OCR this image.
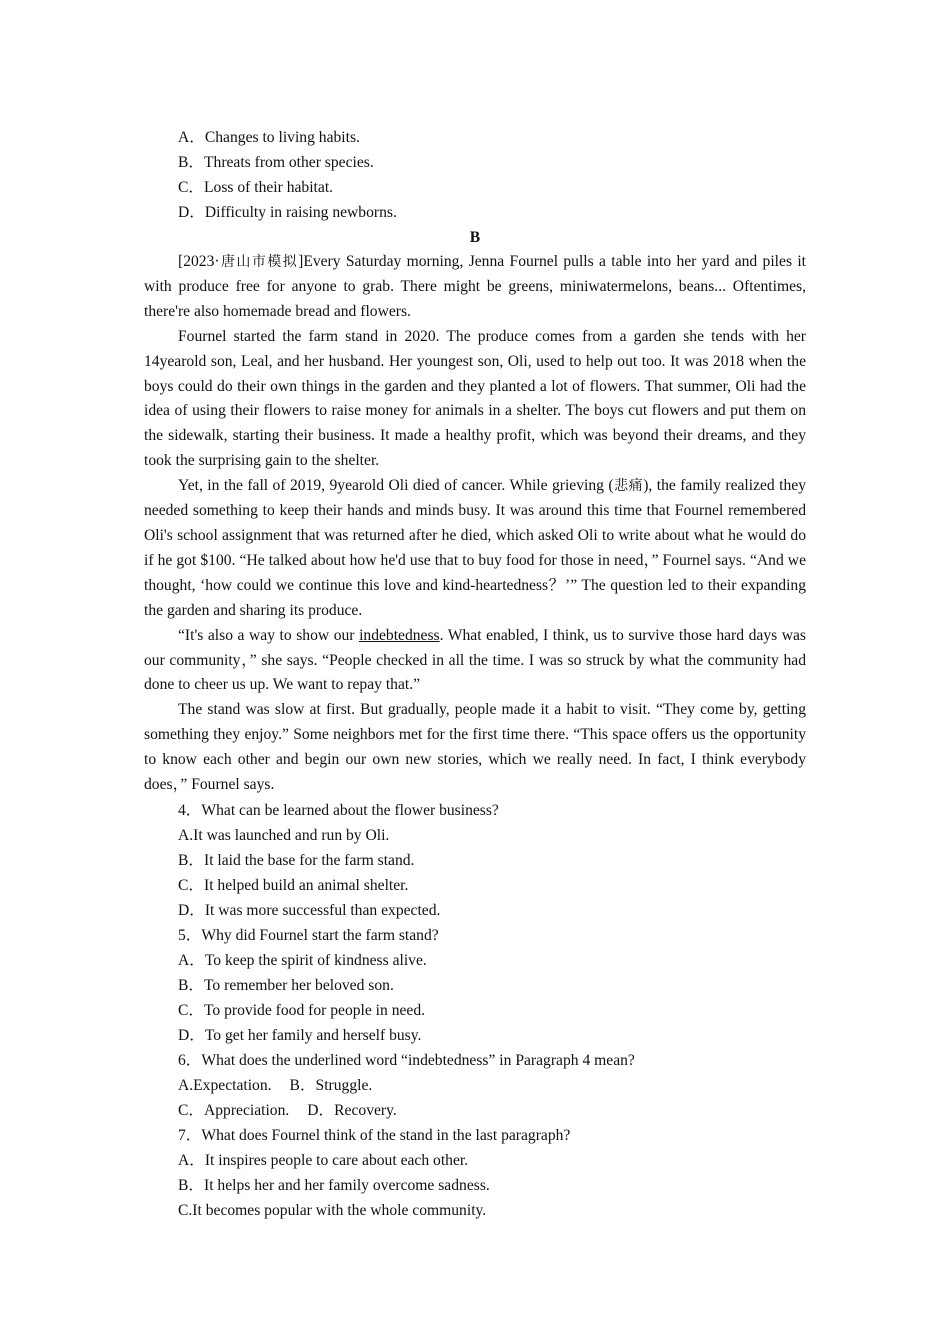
A．Changes to living habits.
B．Threats from other species.
C．Loss of their habitat.
D．Difficulty in raising newborns.
B

[2023·唐山市模拟]Every Saturday morning, Jenna Fournel pulls a table into her yard and piles it with produce free for anyone to grab. There might be greens, miniwatermelons, beans... Oftentimes, there're also homemade bread and flowers.

Fournel started the farm stand in 2020. The produce comes from a garden she tends with her 14yearold son, Leal, and her husband. Her youngest son, Oli, used to help out too. It was 2018 when the boys could do their own things in the garden and they planted a lot of flowers. That summer, Oli had the idea of using their flowers to raise money for animals in a shelter. The boys cut flowers and put them on the sidewalk, starting their business. It made a healthy profit, which was beyond their dreams, and they took the surprising gain to the shelter.

Yet, in the fall of 2019, 9yearold Oli died of cancer. While grieving (悲痛), the family realized they needed something to keep their hands and minds busy. It was around this time that Fournel remembered Oli's school assignment that was returned after he died, which asked Oli to write about what he would do if he got $100. “He talked about how he'd use that to buy food for those in need，” Fournel says. “And we thought, ‘how could we continue this love and kind-heartedness？’” The question led to their expanding the garden and sharing its produce.

“It's also a way to show our indebtedness. What enabled, I think, us to survive those hard days was our community，” she says. “People checked in all the time. I was so struck by what the community had done to cheer us up. We want to repay that.”

The stand was slow at first. But gradually, people made it a habit to visit. “They come by, getting something they enjoy.” Some neighbors met for the first time there. “This space offers us the opportunity to know each other and begin our own new stories, which we really need. In fact, I think everybody does，” Fournel says.

4．What can be learned about the flower business?
A.It was launched and run by Oli.
B．It laid the base for the farm stand.
C．It helped build an animal shelter.
D．It was more successful than expected.
5．Why did Fournel start the farm stand?
A．To keep the spirit of kindness alive.
B．To remember her beloved son.
C．To provide food for people in need.
D．To get her family and herself busy.
6．What does the underlined word “indebtedness” in Paragraph 4 mean?
A.Expectation. B．Struggle.
C．Appreciation. D．Recovery.
7．What does Fournel think of the stand in the last paragraph?
A．It inspires people to care about each other.
B．It helps her and her family overcome sadness.
C.It becomes popular with the whole community.
